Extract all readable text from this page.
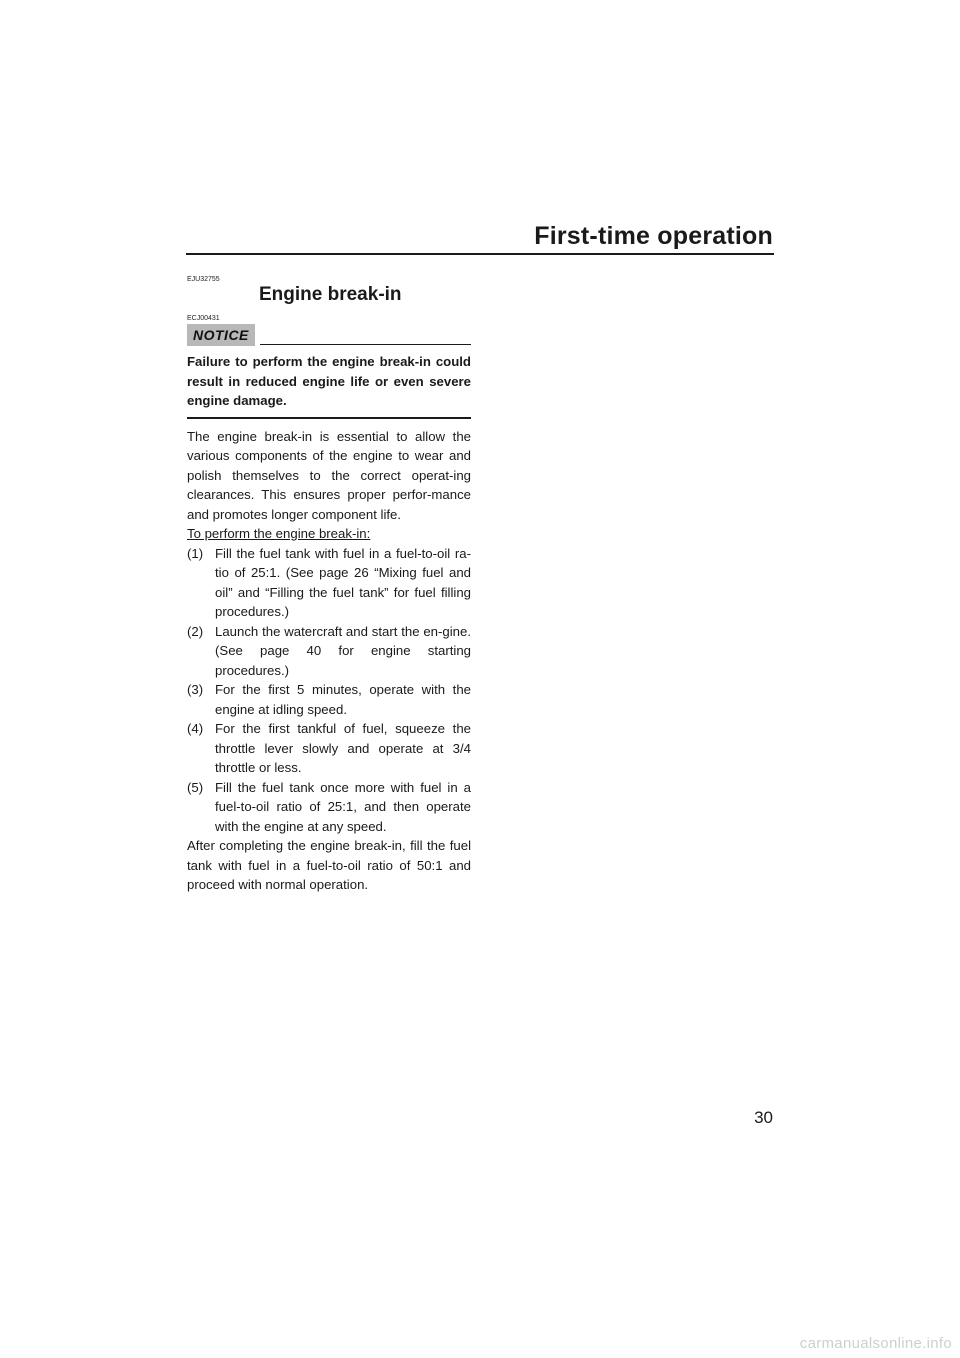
First-time operation
EJU32755
Engine break-in
ECJ00431
NOTICE

Failure to perform the engine break-in could result in reduced engine life or even severe engine damage.

The engine break-in is essential to allow the various components of the engine to wear and polish themselves to the correct operat-ing clearances. This ensures proper perfor-mance and promotes longer component life.

To perform the engine break-in:

(1) Fill the fuel tank with fuel in a fuel-to-oil ra-tio of 25:1. (See page 26 “Mixing fuel and oil” and “Filling the fuel tank” for fuel filling procedures.)
(2) Launch the watercraft and start the en-gine. (See page 40 for engine starting procedures.)
(3) For the first 5 minutes, operate with the engine at idling speed.
(4) For the first tankful of fuel, squeeze the throttle lever slowly and operate at 3/4 throttle or less.
(5) Fill the fuel tank once more with fuel in a fuel-to-oil ratio of 25:1, and then operate with the engine at any speed.

After completing the engine break-in, fill the fuel tank with fuel in a fuel-to-oil ratio of 50:1 and proceed with normal operation.

30
carmanualsonline.info
